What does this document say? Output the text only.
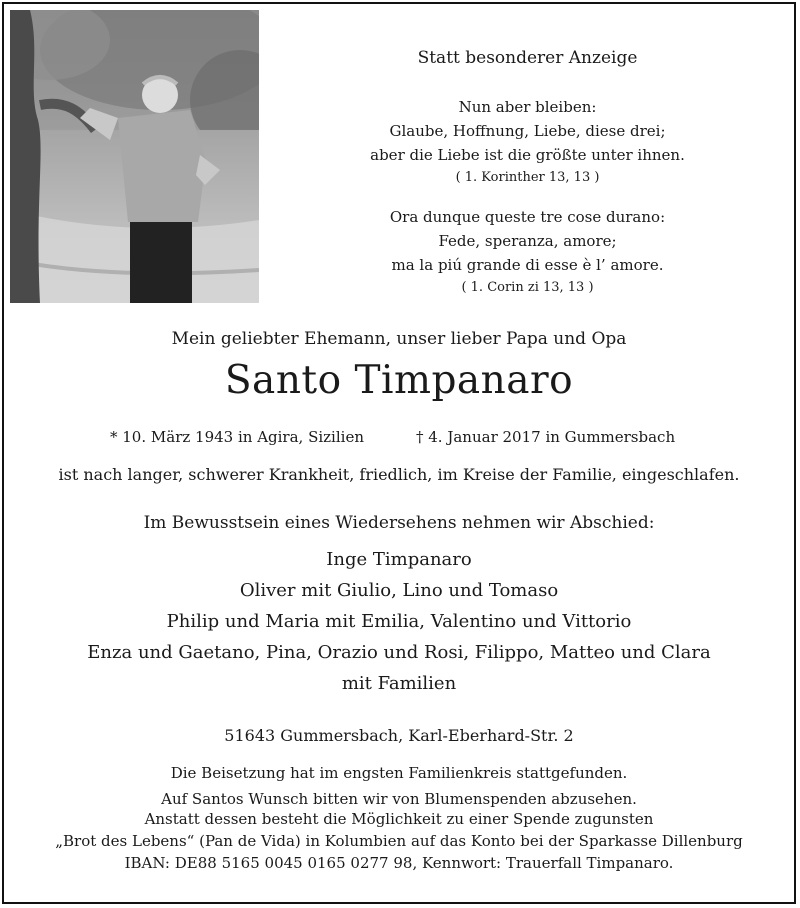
Statt besonderer Anzeige
Nun aber bleiben:
Glaube, Hoffnung, Liebe, diese drei;
aber die Liebe ist die größte unter ihnen.
( 1. Korinther 13, 13 )
Ora dunque queste tre cose durano:
Fede, speranza, amore;
ma la piú grande di esse è l’ amore.
( 1. Corin zi 13, 13 )
Mein geliebter Ehemann, unser lieber Papa und Opa
Santo Timpanaro
* 10. März 1943 in Agira, Sizilien	† 4. Januar 2017 in Gummersbach
ist nach langer, schwerer Krankheit, friedlich, im Kreise der Familie, eingeschlafen.
Im Bewusstsein eines Wiedersehens nehmen wir Abschied:
Inge Timpanaro
Oliver mit Giulio, Lino und Tomaso
Philip und Maria mit Emilia, Valentino und Vittorio
Enza und Gaetano, Pina, Orazio und Rosi, Filippo, Matteo und Clara
mit Familien
51643 Gummersbach, Karl-Eberhard-Str. 2
Die Beisetzung hat im engsten Familienkreis stattgefunden.
Auf Santos Wunsch bitten wir von Blumenspenden abzusehen.
Anstatt dessen besteht die Möglichkeit zu einer Spende zugunsten
„Brot des Lebens“ (Pan de Vida) in Kolumbien auf das Konto bei der Sparkasse Dillenburg
IBAN: DE88 5165 0045 0165 0277 98, Kennwort: Trauerfall Timpanaro.
